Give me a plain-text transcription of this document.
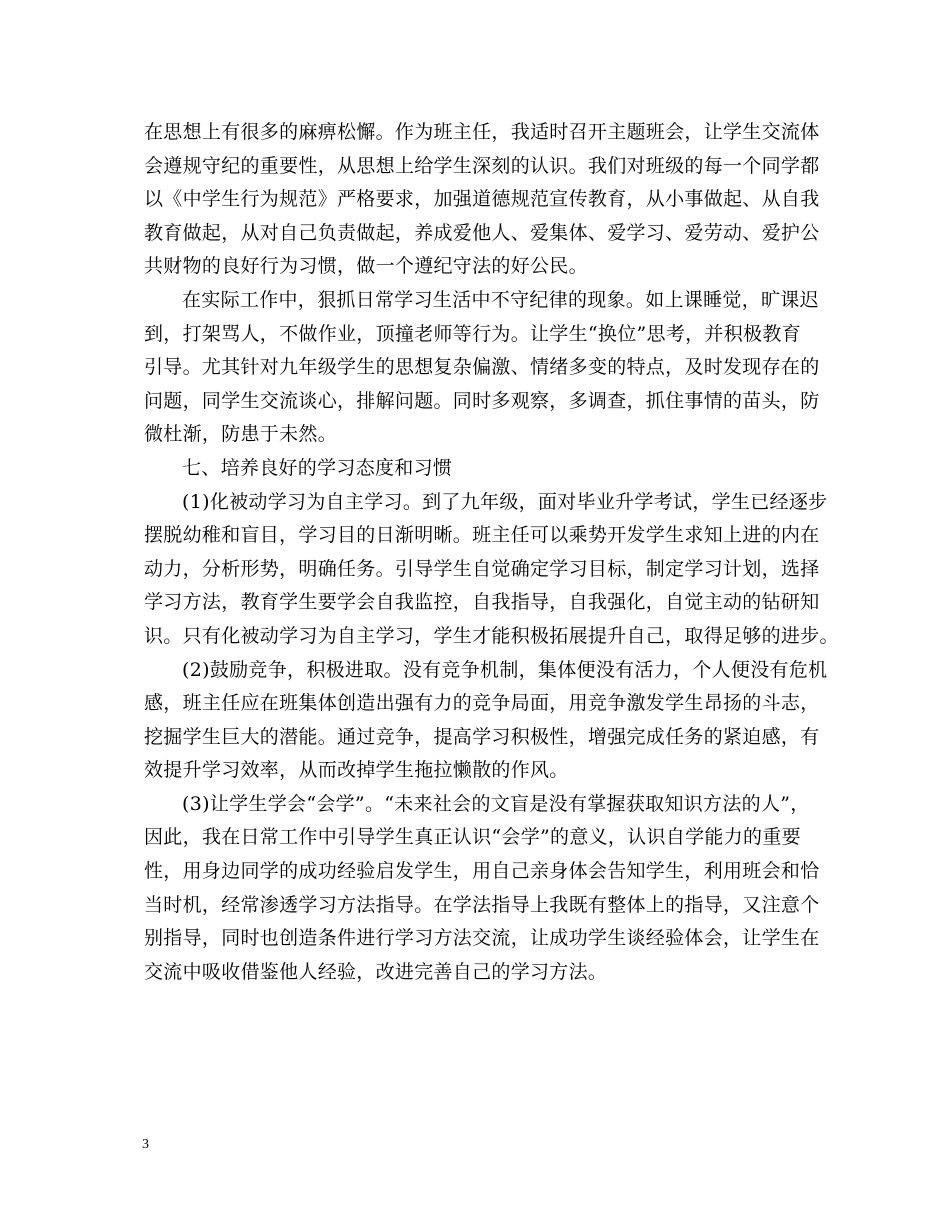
在思想上有很多的麻痹松懈。作为班主任，我适时召开主题班会，让学生交流体
会遵规守纪的重要性，从思想上给学生深刻的认识。我们对班级的每一个同学都
以《中学生行为规范》严格要求，加强道德规范宣传教育，从小事做起、从自我
教育做起，从对自己负责做起，养成爱他人、爱集体、爱学习、爱劳动、爱护公
共财物的良好行为习惯，做一个遵纪守法的好公民。
在实际工作中，狠抓日常学习生活中不守纪律的现象。如上课睡觉，旷课迟
到，打架骂人，不做作业，顶撞老师等行为。让学生“换位”思考，并积极教育
引导。尤其针对九年级学生的思想复杂偏激、情绪多变的特点，及时发现存在的
问题，同学生交流谈心，排解问题。同时多观察，多调查，抓住事情的苗头，防
微杜渐，防患于未然。
七、培养良好的学习态度和习惯
(1)化被动学习为自主学习。到了九年级，面对毕业升学考试，学生已经逐步
摆脱幼稚和盲目，学习目的日渐明晰。班主任可以乘势开发学生求知上进的内在
动力，分析形势，明确任务。引导学生自觉确定学习目标，制定学习计划，选择
学习方法，教育学生要学会自我监控，自我指导，自我强化，自觉主动的钻研知
识。只有化被动学习为自主学习，学生才能积极拓展提升自己，取得足够的进步。
(2)鼓励竞争，积极进取。没有竞争机制，集体便没有活力，个人便没有危机
感，班主任应在班集体创造出强有力的竞争局面，用竞争激发学生昂扬的斗志，
挖掘学生巨大的潜能。通过竞争，提高学习积极性，增强完成任务的紧迫感，有
效提升学习效率，从而改掉学生拖拉懒散的作风。
(3)让学生学会“会学”。“未来社会的文盲是没有掌握获取知识方法的人”，
因此，我在日常工作中引导学生真正认识“会学”的意义，认识自学能力的重要
性，用身边同学的成功经验启发学生，用自己亲身体会告知学生，利用班会和恰
当时机，经常渗透学习方法指导。在学法指导上我既有整体上的指导，又注意个
别指导，同时也创造条件进行学习方法交流，让成功学生谈经验体会，让学生在
交流中吸收借鉴他人经验，改进完善自己的学习方法。
3
